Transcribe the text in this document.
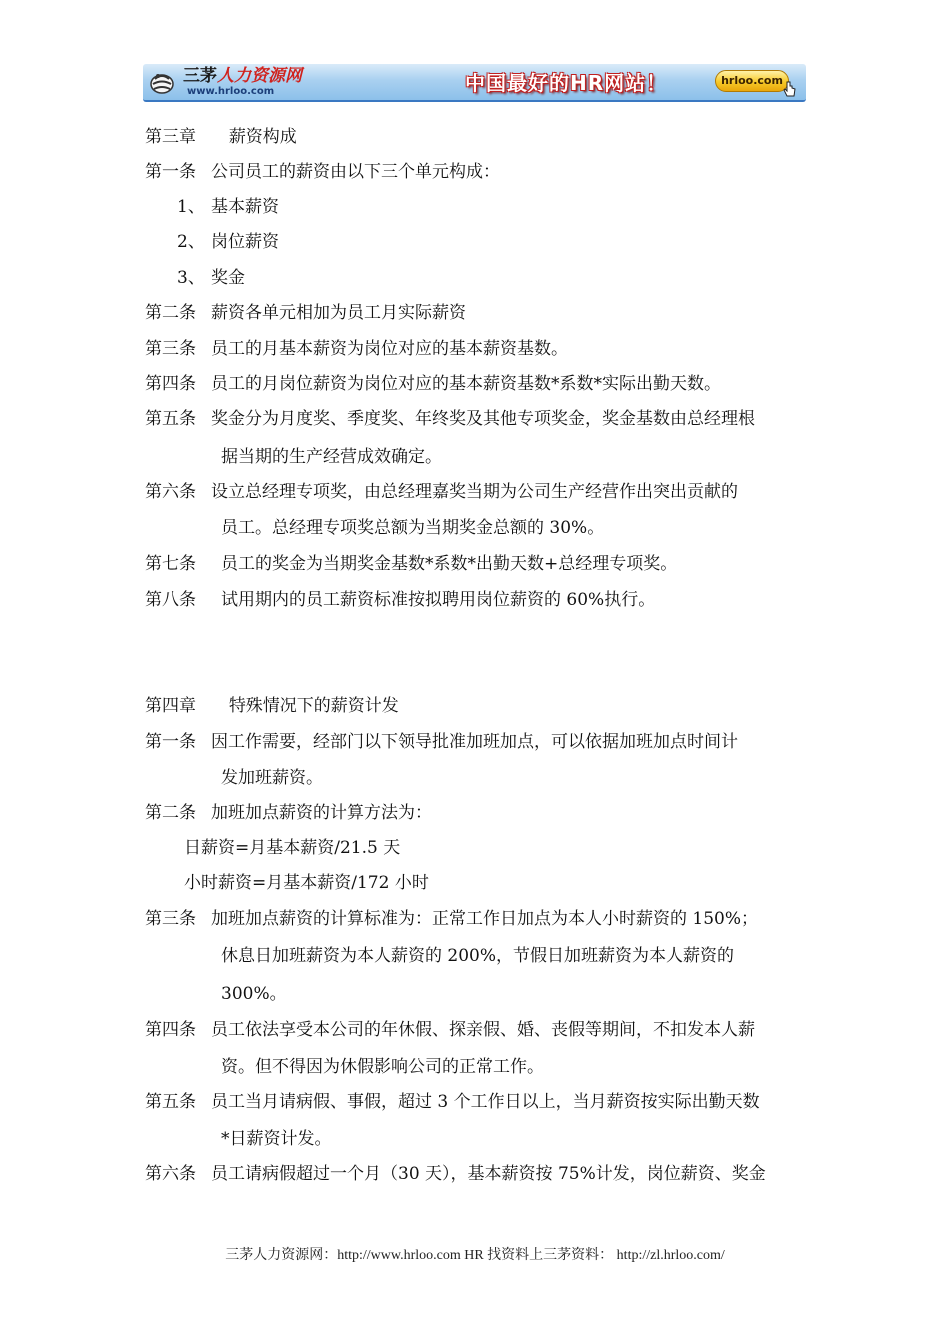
三茅人力资源网
www.hrloo.com	中国最好的HR网站！	hrloo.com
第三章 薪资构成
第一条 公司员工的薪资由以下三个单元构成：
1、 基本薪资
2、 岗位薪资
3、 奖金
第二条 薪资各单元相加为员工月实际薪资
第三条 员工的月基本薪资为岗位对应的基本薪资基数。
第四条 员工的月岗位薪资为岗位对应的基本薪资基数*系数*实际出勤天数。
第五条 奖金分为月度奖、季度奖、年终奖及其他专项奖金，奖金基数由总经理根
据当期的生产经营成效确定。
第六条 设立总经理专项奖，由总经理嘉奖当期为公司生产经营作出突出贡献的
员工。总经理专项奖总额为当期奖金总额的 30%。
第七条 员工的奖金为当期奖金基数*系数*出勤天数+总经理专项奖。
第八条 试用期内的员工薪资标准按拟聘用岗位薪资的 60%执行。
第四章 特殊情况下的薪资计发
第一条 因工作需要，经部门以下领导批准加班加点，可以依据加班加点时间计
发加班薪资。
第二条 加班加点薪资的计算方法为：
日薪资=月基本薪资/21.5 天
小时薪资=月基本薪资/172 小时
第三条 加班加点薪资的计算标准为：正常工作日加点为本人小时薪资的 150%；
休息日加班薪资为本人薪资的 200%，节假日加班薪资为本人薪资的
300%。
第四条 员工依法享受本公司的年休假、探亲假、婚、丧假等期间，不扣发本人薪
资。但不得因为休假影响公司的正常工作。
第五条 员工当月请病假、事假，超过 3 个工作日以上，当月薪资按实际出勤天数
*日薪资计发。
第六条 员工请病假超过一个月（30 天），基本薪资按 75%计发，岗位薪资、奖金
三茅人力资源网：http://www.hrloo.com HR 找资料上三茅资料： http://zl.hrloo.com/
